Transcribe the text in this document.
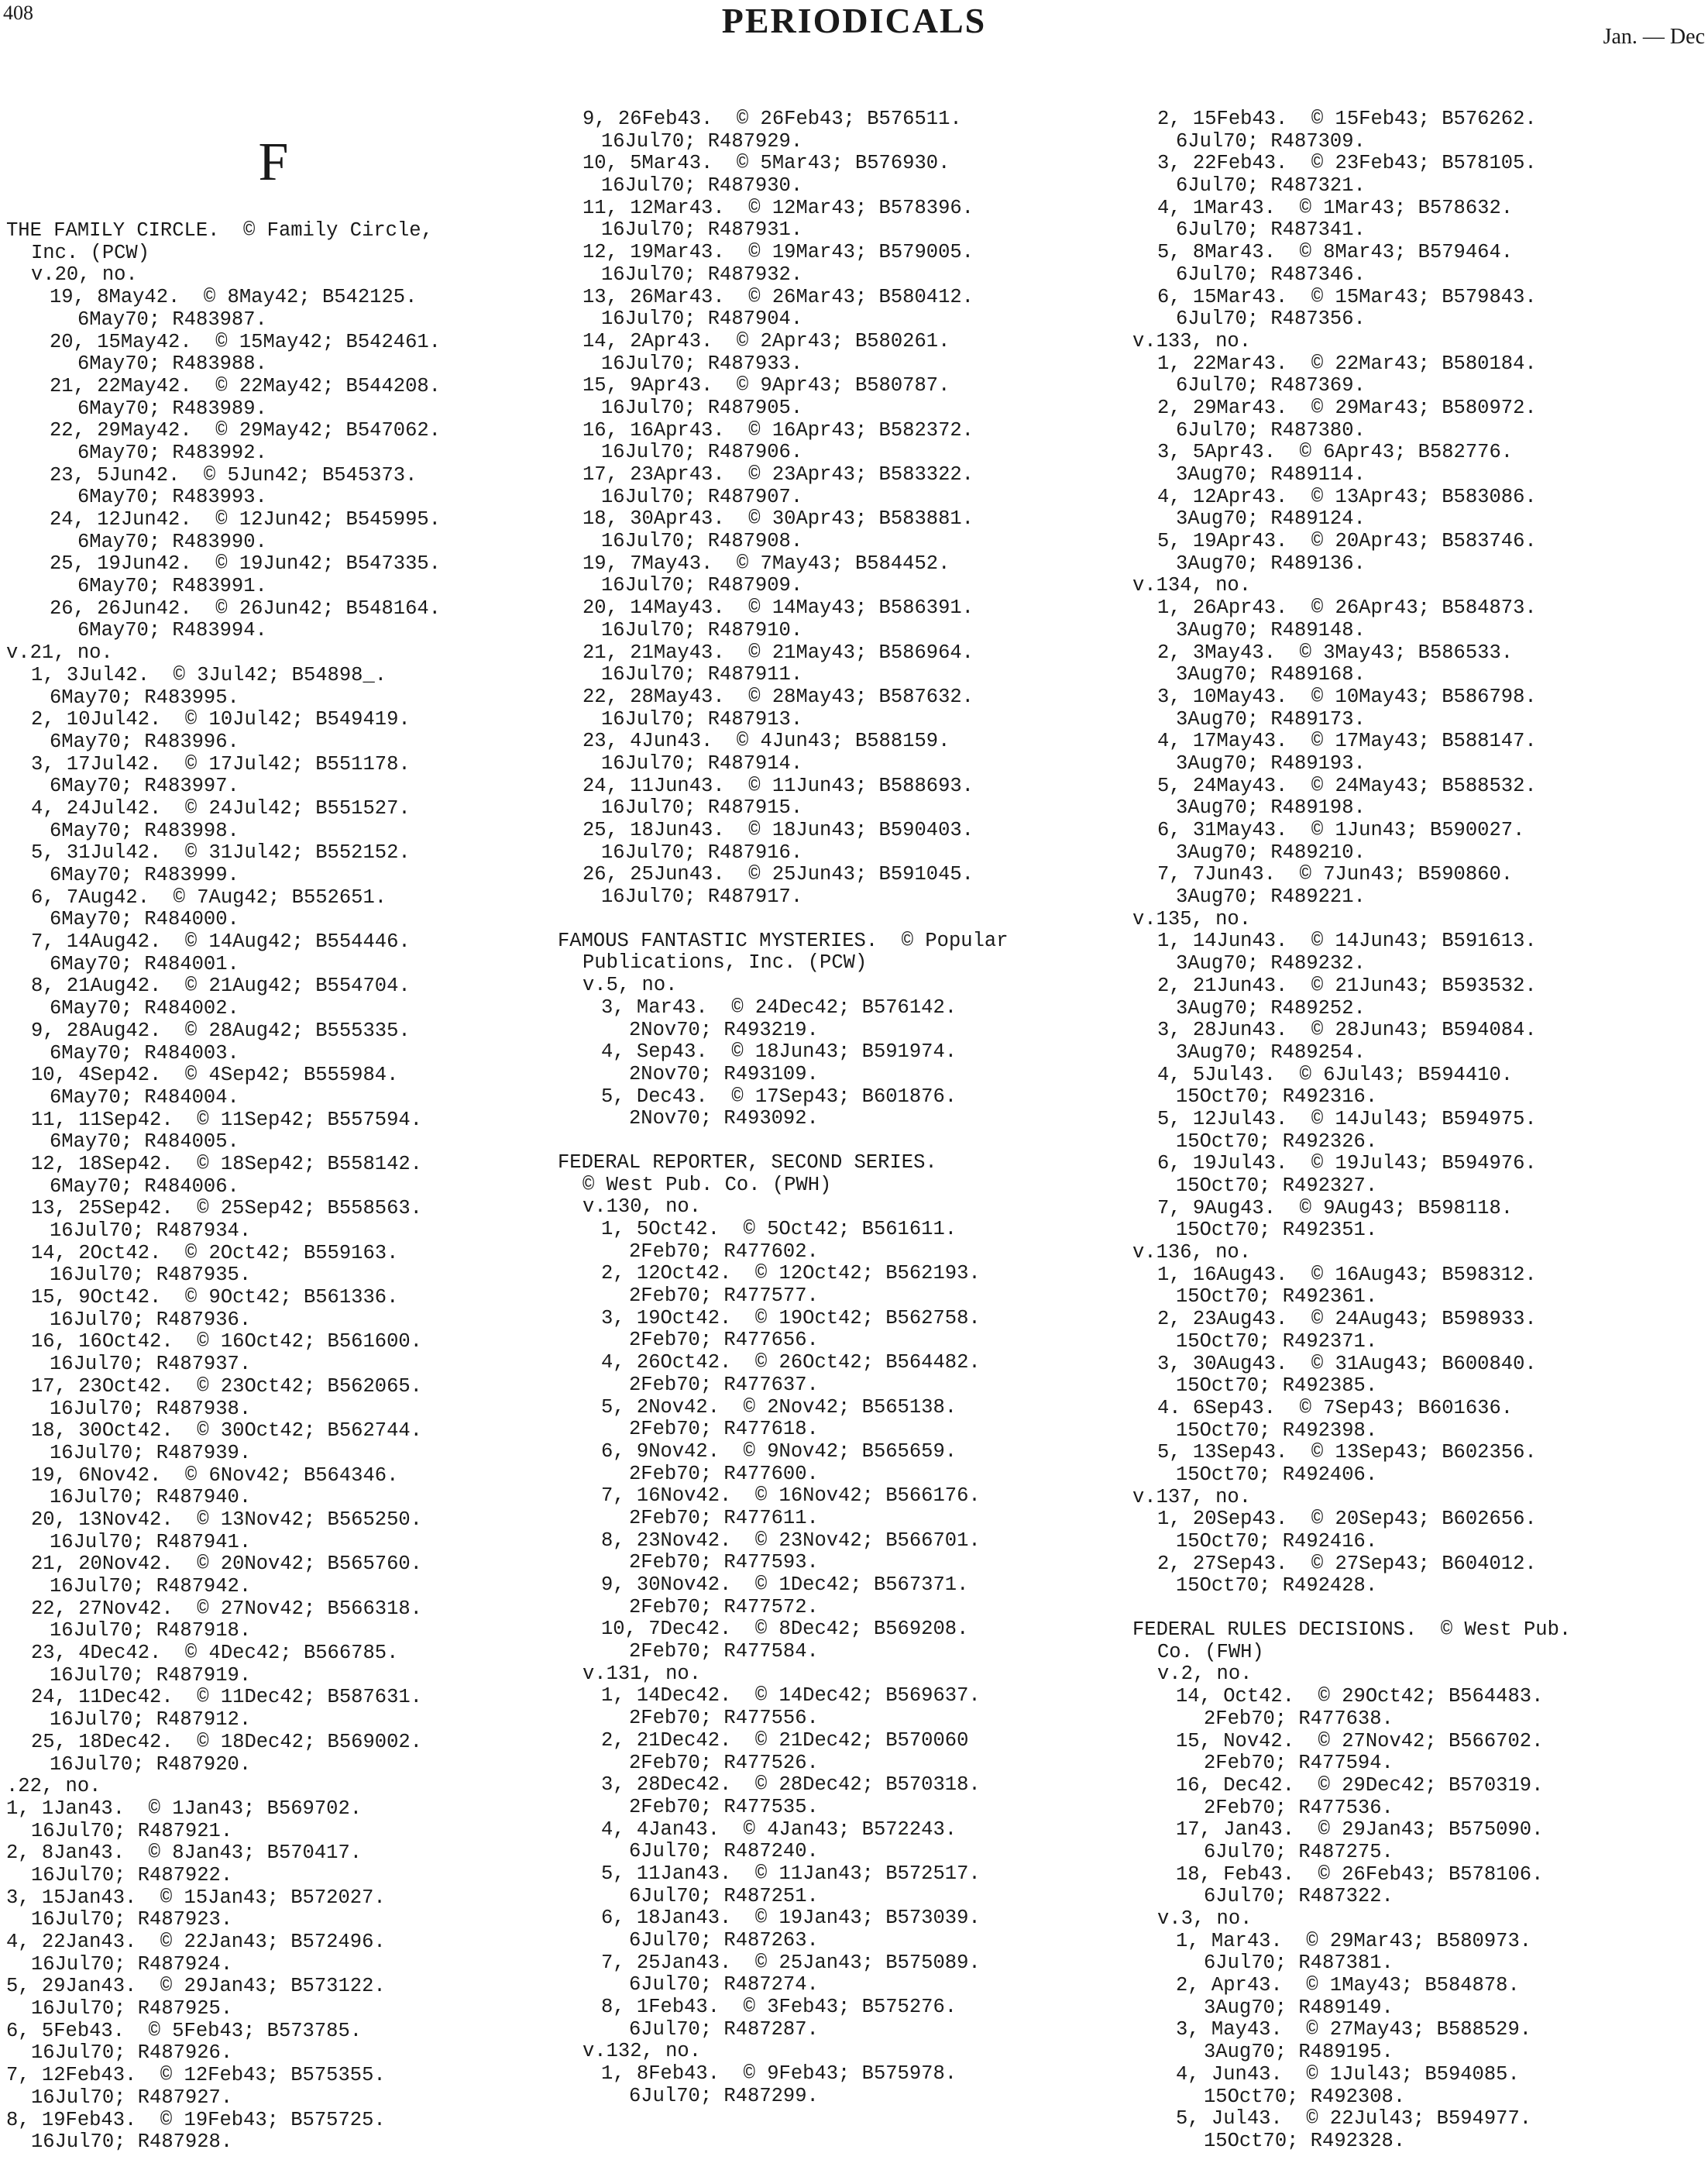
408	PERIODICALS	Jan. — Dec

F

THE FAMILY CIRCLE.  © Family Circle,
Inc. (PCW)
v.20, no.
19, 8May42.  © 8May42; B542125.
6May70; R483987.
20, 15May42.  © 15May42; B542461.
6May70; R483988.
21, 22May42.  © 22May42; B544208.
6May70; R483989.
22, 29May42.  © 29May42; B547062.
6May70; R483992.
23, 5Jun42.  © 5Jun42; B545373.
6May70; R483993.
24, 12Jun42.  © 12Jun42; B545995.
6May70; R483990.
25, 19Jun42.  © 19Jun42; B547335.
6May70; R483991.
26, 26Jun42.  © 26Jun42; B548164.
6May70; R483994.
v.21, no.
1, 3Jul42.  © 3Jul42; B54898_.
6May70; R483995.
2, 10Jul42.  © 10Jul42; B549419.
6May70; R483996.
3, 17Jul42.  © 17Jul42; B551178.
6May70; R483997.
4, 24Jul42.  © 24Jul42; B551527.
6May70; R483998.
5, 31Jul42.  © 31Jul42; B552152.
6May70; R483999.
6, 7Aug42.  © 7Aug42; B552651.
6May70; R484000.
7, 14Aug42.  © 14Aug42; B554446.
6May70; R484001.
8, 21Aug42.  © 21Aug42; B554704.
6May70; R484002.
9, 28Aug42.  © 28Aug42; B555335.
6May70; R484003.
10, 4Sep42.  © 4Sep42; B555984.
6May70; R484004.
11, 11Sep42.  © 11Sep42; B557594.
6May70; R484005.
12, 18Sep42.  © 18Sep42; B558142.
6May70; R484006.
13, 25Sep42.  © 25Sep42; B558563.
16Jul70; R487934.
14, 2Oct42.  © 2Oct42; B559163.
16Jul70; R487935.
15, 9Oct42.  © 9Oct42; B561336.
16Jul70; R487936.
16, 16Oct42.  © 16Oct42; B561600.
16Jul70; R487937.
17, 23Oct42.  © 23Oct42; B562065.
16Jul70; R487938.
18, 30Oct42.  © 30Oct42; B562744.
16Jul70; R487939.
19, 6Nov42.  © 6Nov42; B564346.
16Jul70; R487940.
20, 13Nov42.  © 13Nov42; B565250.
16Jul70; R487941.
21, 20Nov42.  © 20Nov42; B565760.
16Jul70; R487942.
22, 27Nov42.  © 27Nov42; B566318.
16Jul70; R487918.
23, 4Dec42.  © 4Dec42; B566785.
16Jul70; R487919.
24, 11Dec42.  © 11Dec42; B587631.
16Jul70; R487912.
25, 18Dec42.  © 18Dec42; B569002.
16Jul70; R487920.
.22, no.
1, 1Jan43.  © 1Jan43; B569702.
16Jul70; R487921.
2, 8Jan43.  © 8Jan43; B570417.
16Jul70; R487922.
3, 15Jan43.  © 15Jan43; B572027.
16Jul70; R487923.
4, 22Jan43.  © 22Jan43; B572496.
16Jul70; R487924.
5, 29Jan43.  © 29Jan43; B573122.
16Jul70; R487925.
6, 5Feb43.  © 5Feb43; B573785.
16Jul70; R487926.
7, 12Feb43.  © 12Feb43; B575355.
16Jul70; R487927.
8, 19Feb43.  © 19Feb43; B575725.
16Jul70; R487928.
9, 26Feb43.  © 26Feb43; B576511.
16Jul70; R487929.
10, 5Mar43.  © 5Mar43; B576930.
16Jul70; R487930.
11, 12Mar43.  © 12Mar43; B578396.
16Jul70; R487931.
12, 19Mar43.  © 19Mar43; B579005.
16Jul70; R487932.
13, 26Mar43.  © 26Mar43; B580412.
16Jul70; R487904.
14, 2Apr43.  © 2Apr43; B580261.
16Jul70; R487933.
15, 9Apr43.  © 9Apr43; B580787.
16Jul70; R487905.
16, 16Apr43.  © 16Apr43; B582372.
16Jul70; R487906.
17, 23Apr43.  © 23Apr43; B583322.
16Jul70; R487907.
18, 30Apr43.  © 30Apr43; B583881.
16Jul70; R487908.
19, 7May43.  © 7May43; B584452.
16Jul70; R487909.
20, 14May43.  © 14May43; B586391.
16Jul70; R487910.
21, 21May43.  © 21May43; B586964.
16Jul70; R487911.
22, 28May43.  © 28May43; B587632.
16Jul70; R487913.
23, 4Jun43.  © 4Jun43; B588159.
16Jul70; R487914.
24, 11Jun43.  © 11Jun43; B588693.
16Jul70; R487915.
25, 18Jun43.  © 18Jun43; B590403.
16Jul70; R487916.
26, 25Jun43.  © 25Jun43; B591045.
16Jul70; R487917.
FAMOUS FANTASTIC MYSTERIES.  © Popular
Publications, Inc. (PCW)
v.5, no.
3, Mar43.  © 24Dec42; B576142.
2Nov70; R493219.
4, Sep43.  © 18Jun43; B591974.
2Nov70; R493109.
5, Dec43.  © 17Sep43; B601876.
2Nov70; R493092.
FEDERAL REPORTER, SECOND SERIES.
© West Pub. Co. (PWH)
v.130, no.
1, 5Oct42.  © 5Oct42; B561611.
2Feb70; R477602.
2, 12Oct42.  © 12Oct42; B562193.
2Feb70; R477577.
3, 19Oct42.  © 19Oct42; B562758.
2Feb70; R477656.
4, 26Oct42.  © 26Oct42; B564482.
2Feb70; R477637.
5, 2Nov42.  © 2Nov42; B565138.
2Feb70; R477618.
6, 9Nov42.  © 9Nov42; B565659.
2Feb70; R477600.
7, 16Nov42.  © 16Nov42; B566176.
2Feb70; R477611.
8, 23Nov42.  © 23Nov42; B566701.
2Feb70; R477593.
9, 30Nov42.  © 1Dec42; B567371.
2Feb70; R477572.
10, 7Dec42.  © 8Dec42; B569208.
2Feb70; R477584.
v.131, no.
1, 14Dec42.  © 14Dec42; B569637.
2Feb70; R477556.
2, 21Dec42.  © 21Dec42; B570060
2Feb70; R477526.
3, 28Dec42.  © 28Dec42; B570318.
2Feb70; R477535.
4, 4Jan43.  © 4Jan43; B572243.
6Jul70; R487240.
5, 11Jan43.  © 11Jan43; B572517.
6Jul70; R487251.
6, 18Jan43.  © 19Jan43; B573039.
6Jul70; R487263.
7, 25Jan43.  © 25Jan43; B575089.
6Jul70; R487274.
8, 1Feb43.  © 3Feb43; B575276.
6Jul70; R487287.
v.132, no.
1, 8Feb43.  © 9Feb43; B575978.
6Jul70; R487299.
2, 15Feb43.  © 15Feb43; B576262.
6Jul70; R487309.
3, 22Feb43.  © 23Feb43; B578105.
6Jul70; R487321.
4, 1Mar43.  © 1Mar43; B578632.
6Jul70; R487341.
5, 8Mar43.  © 8Mar43; B579464.
6Jul70; R487346.
6, 15Mar43.  © 15Mar43; B579843.
6Jul70; R487356.
v.133, no.
1, 22Mar43.  © 22Mar43; B580184.
6Jul70; R487369.
2, 29Mar43.  © 29Mar43; B580972.
6Jul70; R487380.
3, 5Apr43.  © 6Apr43; B582776.
3Aug70; R489114.
4, 12Apr43.  © 13Apr43; B583086.
3Aug70; R489124.
5, 19Apr43.  © 20Apr43; B583746.
3Aug70; R489136.
v.134, no.
1, 26Apr43.  © 26Apr43; B584873.
3Aug70; R489148.
2, 3May43.  © 3May43; B586533.
3Aug70; R489168.
3, 10May43.  © 10May43; B586798.
3Aug70; R489173.
4, 17May43.  © 17May43; B588147.
3Aug70; R489193.
5, 24May43.  © 24May43; B588532.
3Aug70; R489198.
6, 31May43.  © 1Jun43; B590027.
3Aug70; R489210.
7, 7Jun43.  © 7Jun43; B590860.
3Aug70; R489221.
v.135, no.
1, 14Jun43.  © 14Jun43; B591613.
3Aug70; R489232.
2, 21Jun43.  © 21Jun43; B593532.
3Aug70; R489252.
3, 28Jun43.  © 28Jun43; B594084.
3Aug70; R489254.
4, 5Jul43.  © 6Jul43; B594410.
15Oct70; R492316.
5, 12Jul43.  © 14Jul43; B594975.
15Oct70; R492326.
6, 19Jul43.  © 19Jul43; B594976.
15Oct70; R492327.
7, 9Aug43.  © 9Aug43; B598118.
15Oct70; R492351.
v.136, no.
1, 16Aug43.  © 16Aug43; B598312.
15Oct70; R492361.
2, 23Aug43.  © 24Aug43; B598933.
15Oct70; R492371.
3, 30Aug43.  © 31Aug43; B600840.
15Oct70; R492385.
4. 6Sep43.  © 7Sep43; B601636.
15Oct70; R492398.
5, 13Sep43.  © 13Sep43; B602356.
15Oct70; R492406.
v.137, no.
1, 20Sep43.  © 20Sep43; B602656.
15Oct70; R492416.
2, 27Sep43.  © 27Sep43; B604012.
15Oct70; R492428.
FEDERAL RULES DECISIONS.  © West Pub.
Co. (FWH)
v.2, no.
14, Oct42.  © 29Oct42; B564483.
2Feb70; R477638.
15, Nov42.  © 27Nov42; B566702.
2Feb70; R477594.
16, Dec42.  © 29Dec42; B570319.
2Feb70; R477536.
17, Jan43.  © 29Jan43; B575090.
6Jul70; R487275.
18, Feb43.  © 26Feb43; B578106.
6Jul70; R487322.
v.3, no.
1, Mar43.  © 29Mar43; B580973.
6Jul70; R487381.
2, Apr43.  © 1May43; B584878.
3Aug70; R489149.
3, May43.  © 27May43; B588529.
3Aug70; R489195.
4, Jun43.  © 1Jul43; B594085.
15Oct70; R492308.
5, Jul43.  © 22Jul43; B594977.
15Oct70; R492328.
